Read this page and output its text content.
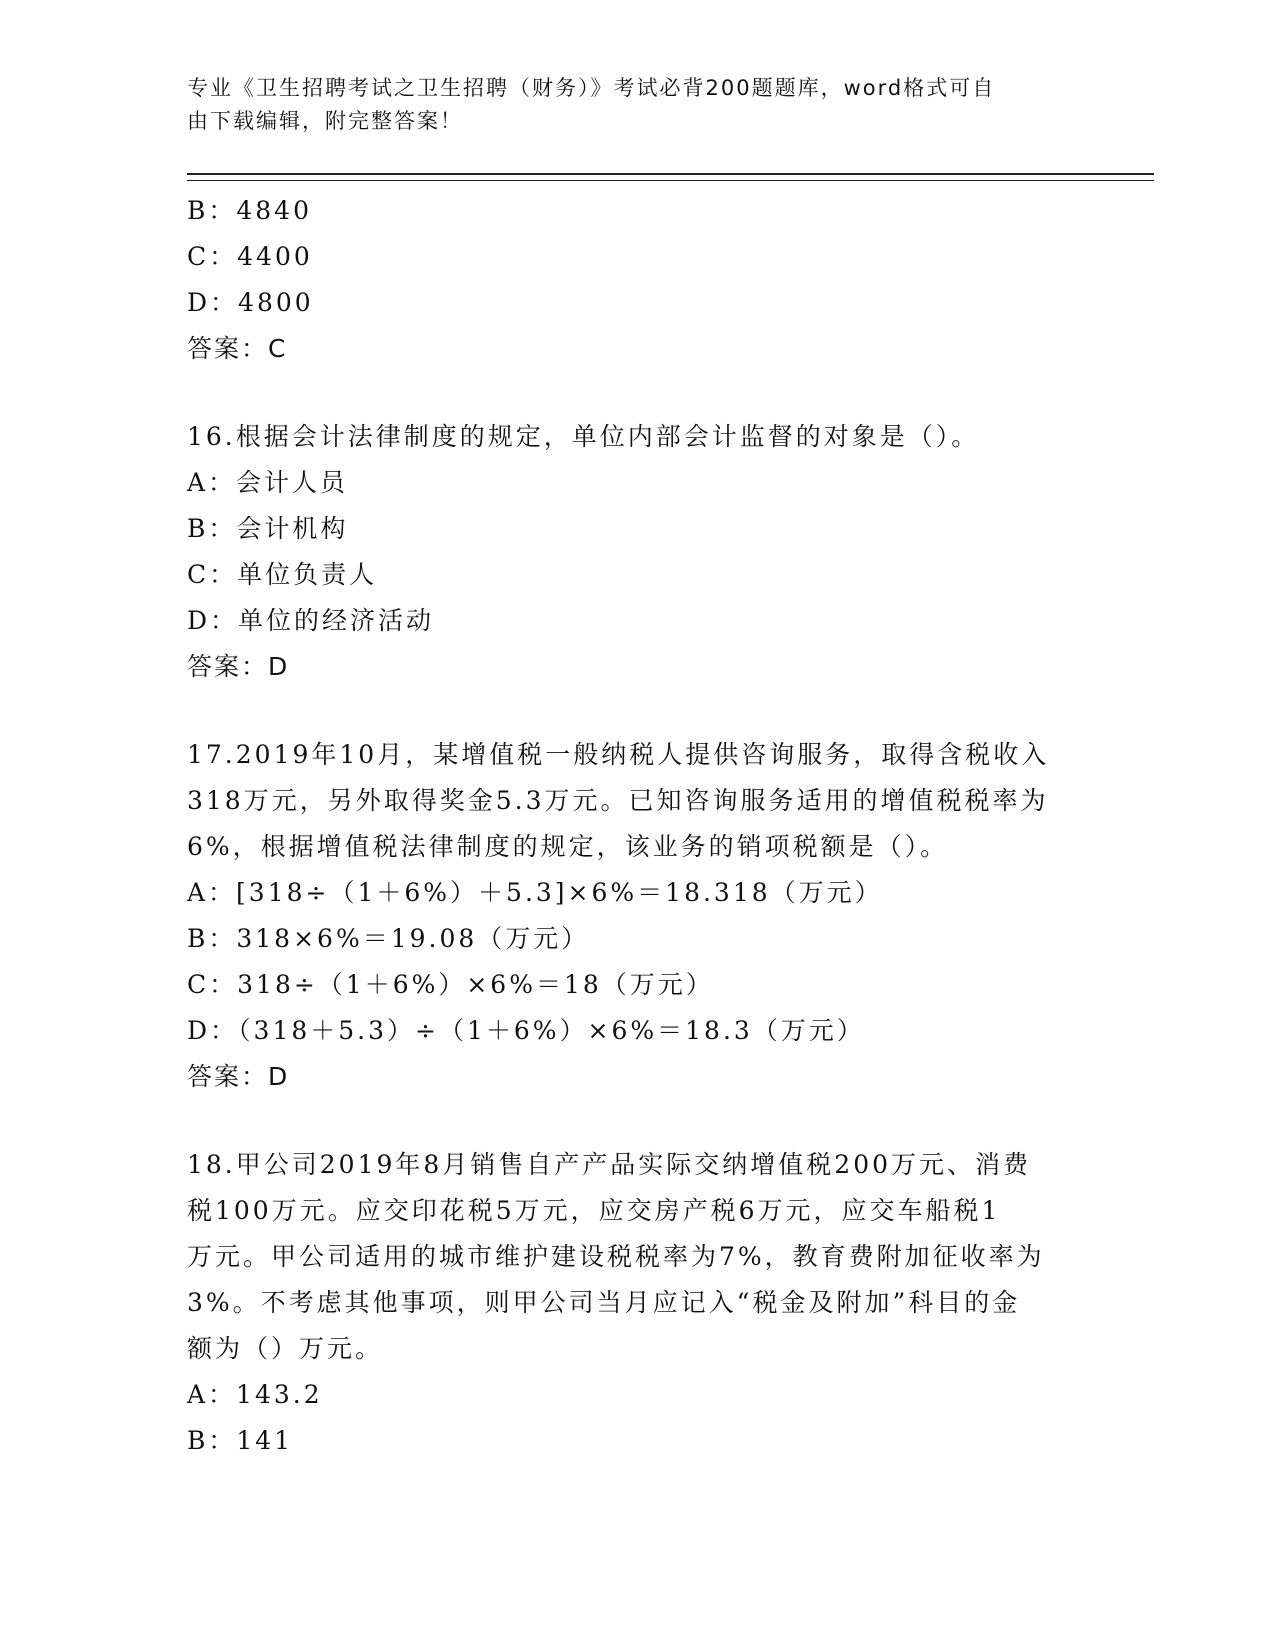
专业《卫生招聘考试之卫生招聘（财务）》考试必背200题题库，word格式可自
由下载编辑，附完整答案！
B：4840
C：4400
D：4800
答案：C
16.根据会计法律制度的规定，单位内部会计监督的对象是（）。
A：会计人员
B：会计机构
C：单位负责人
D：单位的经济活动
答案：D
17.2019年10月，某增值税一般纳税人提供咨询服务，取得含税收入
318万元，另外取得奖金5.3万元。已知咨询服务适用的增值税税率为
6%，根据增值税法律制度的规定，该业务的销项税额是（）。
A：[318÷（1＋6%）＋5.3]×6%＝18.318（万元）
B：318×6%＝19.08（万元）
C：318÷（1＋6%）×6%＝18（万元）
D：（318＋5.3）÷（1＋6%）×6%＝18.3（万元）
答案：D
18.甲公司2019年8月销售自产产品实际交纳增值税200万元、消费
税100万元。应交印花税5万元，应交房产税6万元，应交车船税1
万元。甲公司适用的城市维护建设税税率为7%，教育费附加征收率为
3%。不考虑其他事项，则甲公司当月应记入“税金及附加”科目的金
额为（）万元。
A：143.2
B：141
